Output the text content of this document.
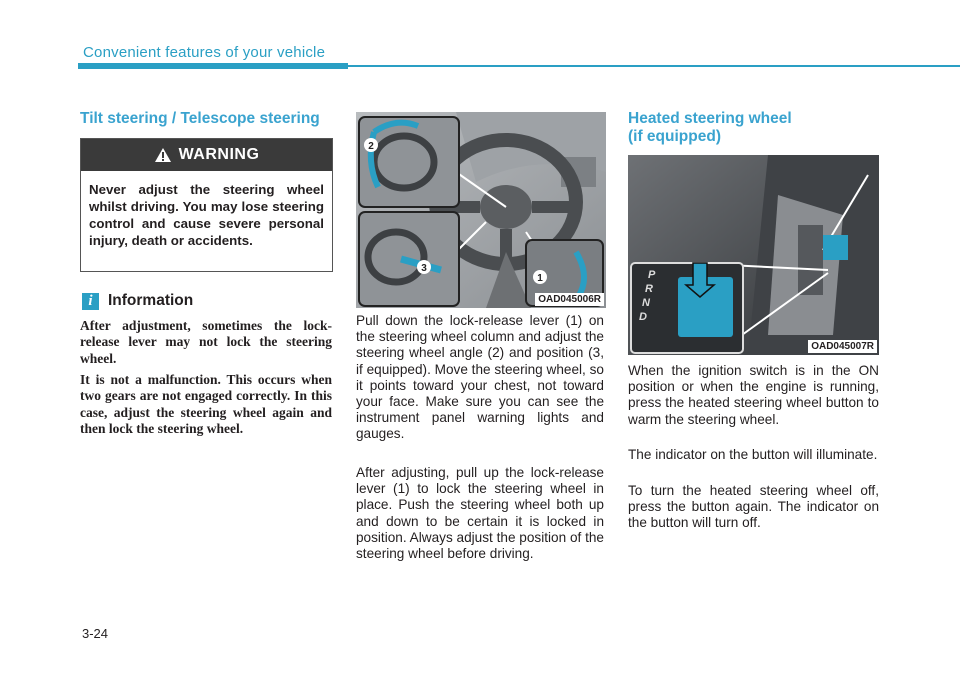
Convenient features of your vehicle
Tilt steering / Telescope steering
WARNING
Never adjust the steering wheel whilst driving. You may lose steering control and cause severe personal injury, death or accidents.
i Information

After adjustment, sometimes the lock-release lever may not lock the steering wheel.

It is not a malfunction. This occurs when two gears are not engaged correctly. In this case, adjust the steering wheel again and then lock the steering wheel.

2
3
1
OAD045006R

Pull down the lock-release lever (1) on the steering wheel column and adjust the steering wheel angle (2) and position (3, if equipped). Move the steering wheel, so it points toward your chest, not toward your face. Make sure you can see the instrument panel warning lights and gauges.

After adjusting, pull up the lock-release lever (1) to lock the steering wheel in place. Push the steering wheel both up and down to be certain it is locked in position. Always adjust the position of the steering wheel before driving.

Heated steering wheel
(if equipped)
P
R
N
D
OAD045007R

When the ignition switch is in the ON position or when the engine is running, press the heated steering wheel button to warm the steering wheel.

The indicator on the button will illuminate.

To turn the heated steering wheel off, press the button again. The indicator on the button will turn off.

3-24
